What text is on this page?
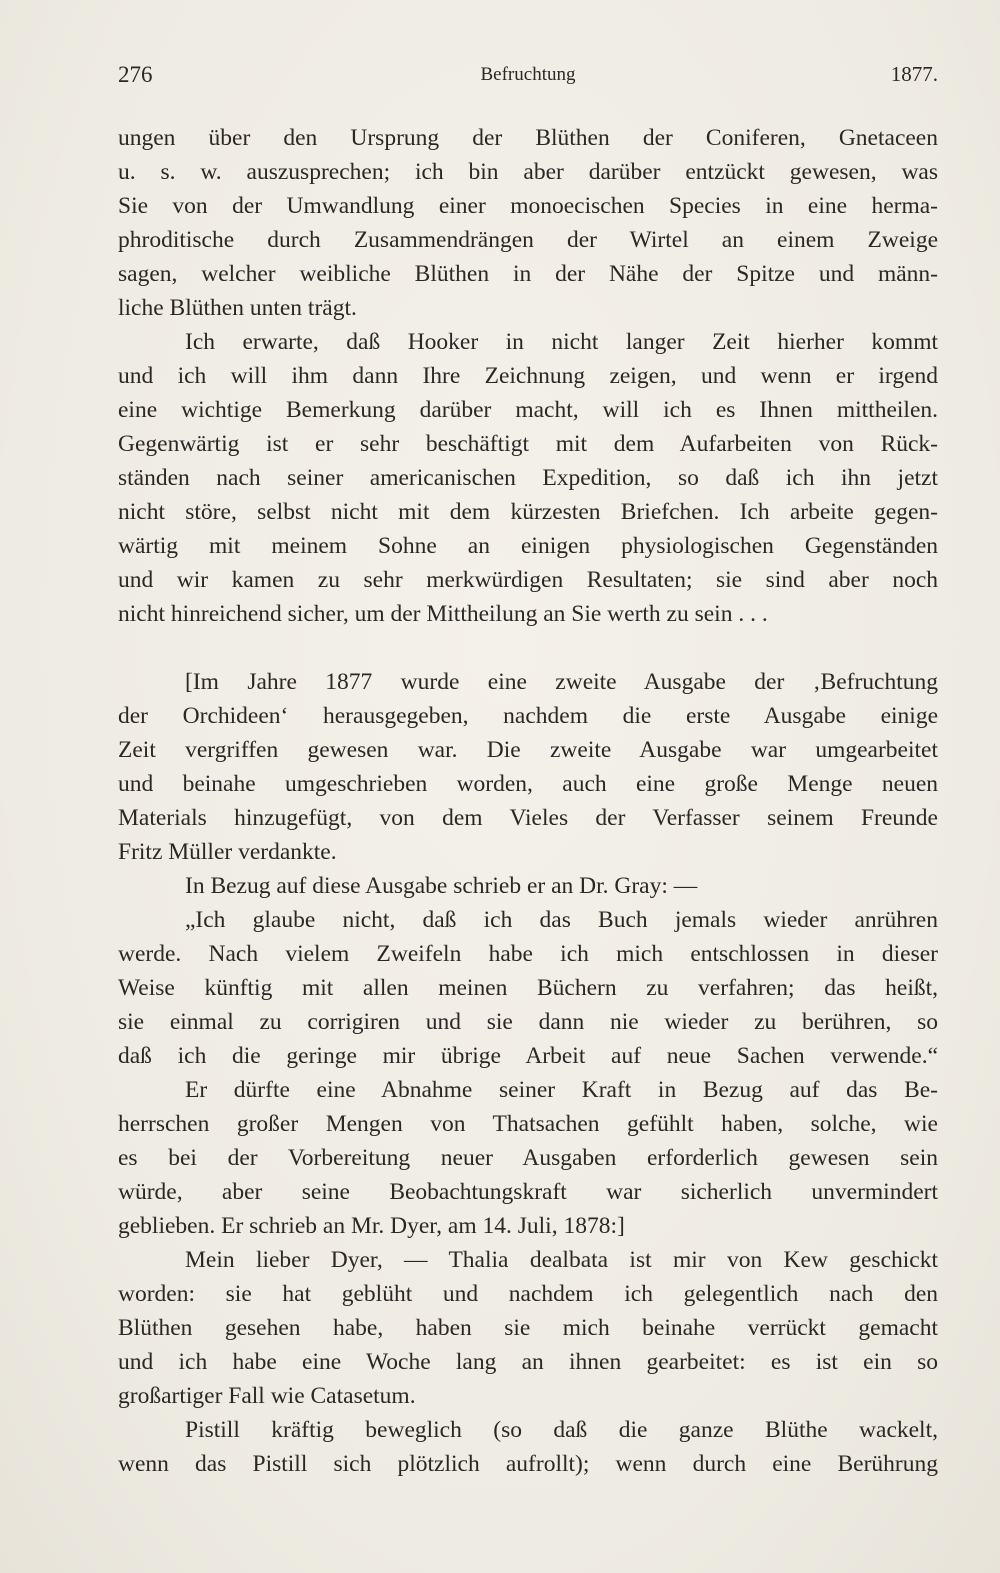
276	Befruchtung	1877.
ungen über den Ursprung der Blüthen der Coniferen, Gnetaceen
u. s. w. auszusprechen; ich bin aber darüber entzückt gewesen, was
Sie von der Umwandlung einer monoecischen Species in eine herma-
phroditische durch Zusammendrängen der Wirtel an einem Zweige
sagen, welcher weibliche Blüthen in der Nähe der Spitze und männ-
liche Blüthen unten trägt.
Ich erwarte, daß Hooker in nicht langer Zeit hierher kommt
und ich will ihm dann Ihre Zeichnung zeigen, und wenn er irgend
eine wichtige Bemerkung darüber macht, will ich es Ihnen mittheilen.
Gegenwärtig ist er sehr beschäftigt mit dem Aufarbeiten von Rück-
ständen nach seiner americanischen Expedition, so daß ich ihn jetzt
nicht störe, selbst nicht mit dem kürzesten Briefchen. Ich arbeite gegen-
wärtig mit meinem Sohne an einigen physiologischen Gegenständen
und wir kamen zu sehr merkwürdigen Resultaten; sie sind aber noch
nicht hinreichend sicher, um der Mittheilung an Sie werth zu sein . . .
[Im Jahre 1877 wurde eine zweite Ausgabe der ‚Befruchtung
der Orchideen‘ herausgegeben, nachdem die erste Ausgabe einige
Zeit vergriffen gewesen war. Die zweite Ausgabe war umgearbeitet
und beinahe umgeschrieben worden, auch eine große Menge neuen
Materials hinzugefügt, von dem Vieles der Verfasser seinem Freunde
Fritz Müller verdankte.
In Bezug auf diese Ausgabe schrieb er an Dr. Gray: —
„Ich glaube nicht, daß ich das Buch jemals wieder anrühren
werde. Nach vielem Zweifeln habe ich mich entschlossen in dieser
Weise künftig mit allen meinen Büchern zu verfahren; das heißt,
sie einmal zu corrigiren und sie dann nie wieder zu berühren, so
daß ich die geringe mir übrige Arbeit auf neue Sachen verwende.“
Er dürfte eine Abnahme seiner Kraft in Bezug auf das Be-
herrschen großer Mengen von Thatsachen gefühlt haben, solche, wie
es bei der Vorbereitung neuer Ausgaben erforderlich gewesen sein
würde, aber seine Beobachtungskraft war sicherlich unvermindert
geblieben. Er schrieb an Mr. Dyer, am 14. Juli, 1878:]
Mein lieber Dyer, — Thalia dealbata ist mir von Kew geschickt
worden: sie hat geblüht und nachdem ich gelegentlich nach den
Blüthen gesehen habe, haben sie mich beinahe verrückt gemacht
und ich habe eine Woche lang an ihnen gearbeitet: es ist ein so
großartiger Fall wie Catasetum.
Pistill kräftig beweglich (so daß die ganze Blüthe wackelt,
wenn das Pistill sich plötzlich aufrollt); wenn durch eine Berührung
